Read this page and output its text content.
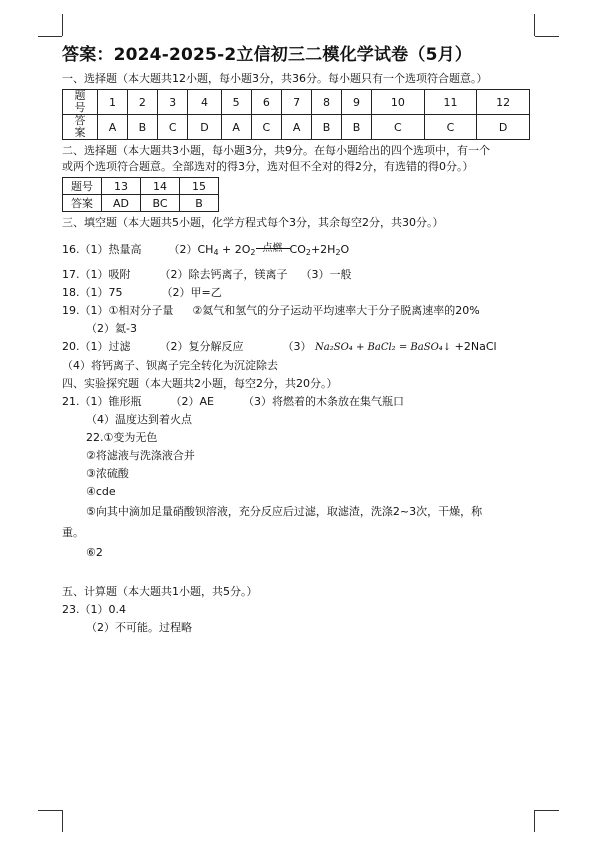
答案：2024-2025-2立信初三二模化学试卷（5月）
一、选择题（本大题共12小题，每小题3分，共36分。每小题只有一个选项符合题意。）
题
号	1	2	3	4	5	6	7	8	9	10	11	12
答
案	A	B	C	D	A	C	A	B	B	C	C	D
二、选择题（本大题共3小题，每小题3分，共9分。在每小题给出的四个选项中，有一个
或两个选项符合题意。全部选对的得3分，选对但不全对的得2分，有选错的得0分。）
题号	13	14	15
答案	AD	BC	B
三、填空题（本大题共5小题，化学方程式每个3分，其余每空2分，共30分。）
16.（1）热量高 $(2)CH_4 + 2O_2$ 点燃 $CO_2+2H_2O$
17.（1）吸附	（2）除去钙离子，镁离子 （3）一般
18.（1）75	（2）甲=乙
19.（1）①相对分子量 ②氦气和氢气的分子运动平均速率大于分子脱离速率的20%
（2）氦-3
20.（1）过滤	（2）复分解反应	（3） Na₂SO₄ + BaCl₂ = BaSO₄↓ +2NaCl
（4）将钙离子、钡离子完全转化为沉淀除去
四、实验探究题（本大题共2小题，每空2分，共20分。）
21.（1）锥形瓶	（2）AE	（3）将燃着的木条放在集气瓶口
（4）温度达到着火点
22.①变为无色
②将滤液与洗涤液合并
③浓硫酸
④cde
⑤向其中滴加足量硝酸钡溶液，充分反应后过滤，取滤渣，洗涤2~3次，干燥，称
重。
⑥2
五、计算题（本大题共1小题，共5分。）
23.（1）0.4
（2）不可能。过程略
